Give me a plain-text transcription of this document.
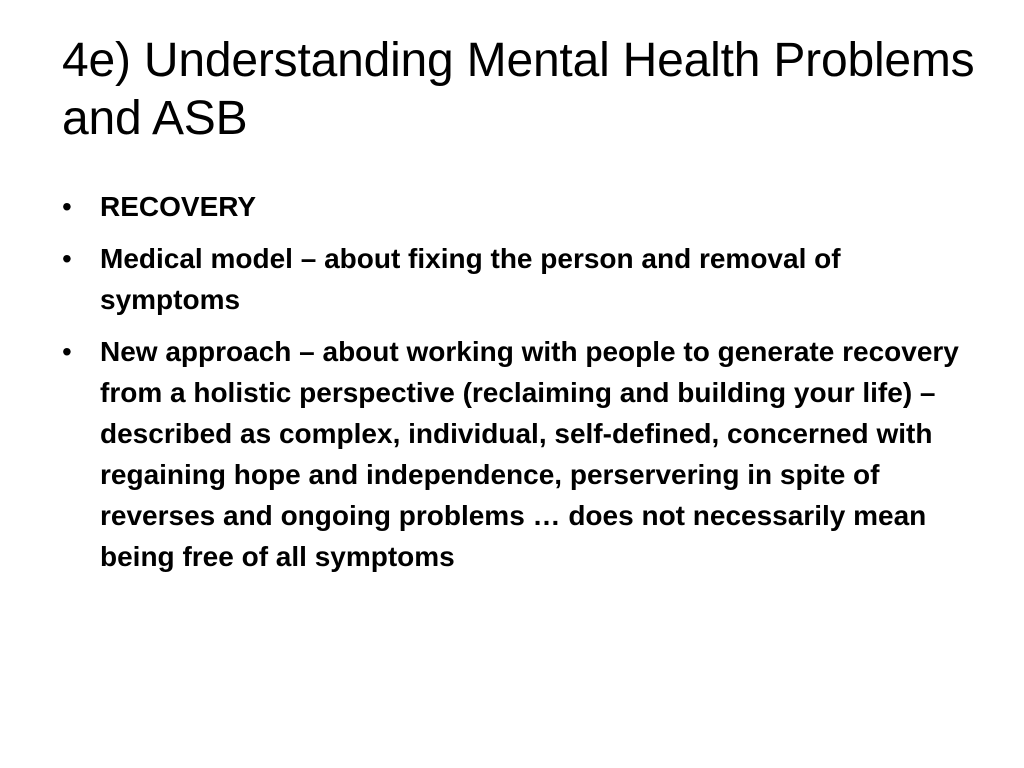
4e) Understanding Mental Health Problems and ASB
• RECOVERY
• Medical model – about fixing the person and removal of symptoms
• New approach – about working with people to generate recovery from a holistic perspective (reclaiming and building your life) – described as complex, individual, self-defined, concerned with regaining hope and independence, perservering in spite of reverses and ongoing problems … does not necessarily mean being free of all symptoms
